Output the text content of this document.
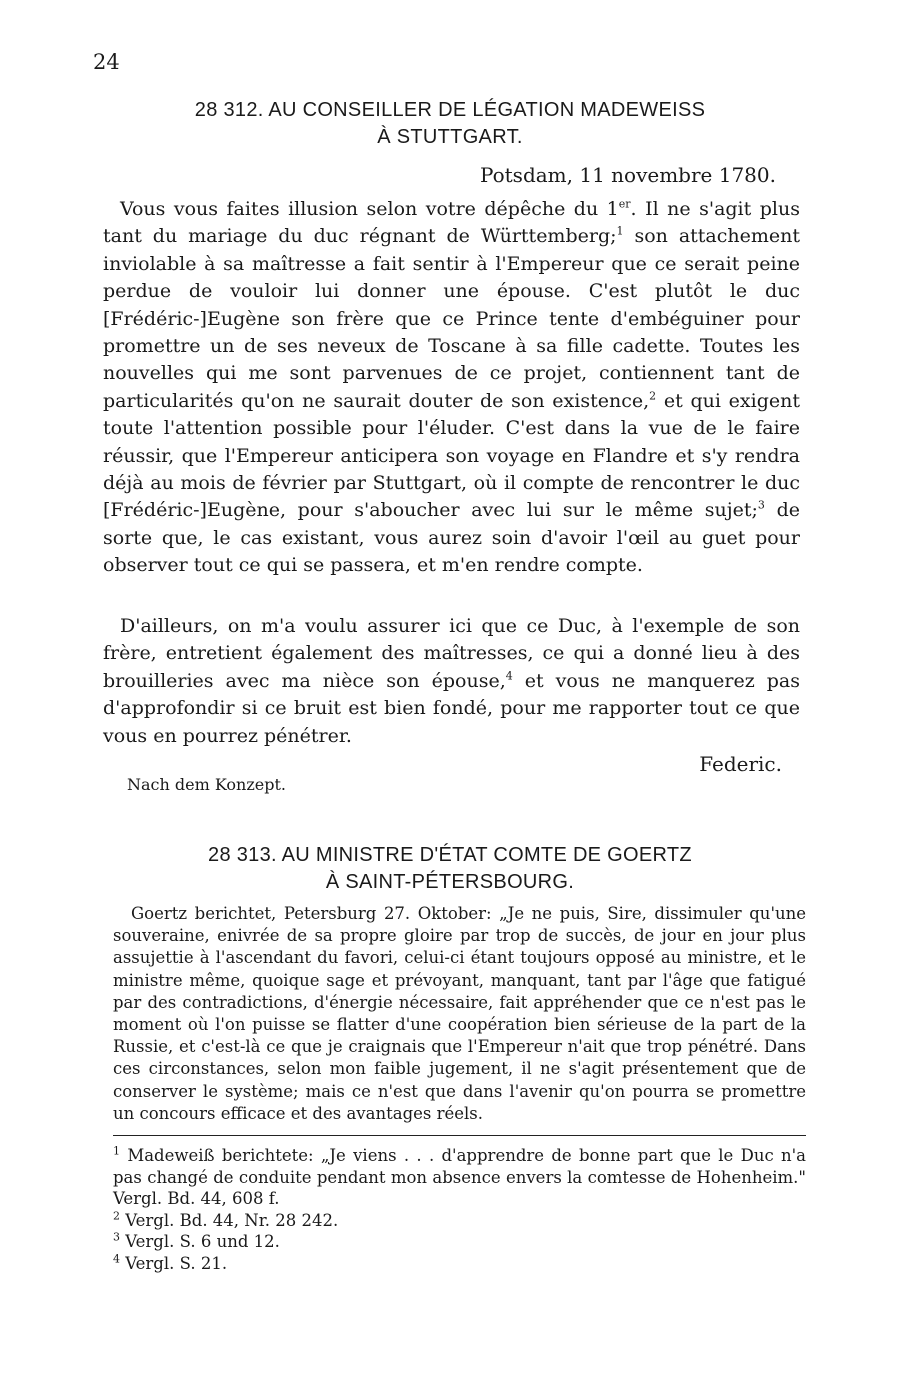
24
28 312. AU CONSEILLER DE LÉGATION MADEWEISS
À STUTTGART.
Potsdam, 11 novembre 1780.

Vous vous faites illusion selon votre dépêche du 1er. Il ne s'agit plus tant du mariage du duc régnant de Württemberg;$^1$ son attachement inviolable à sa maîtresse a fait sentir à l'Empereur que ce serait peine perdue de vouloir lui donner une épouse. C'est plutôt le duc [Frédéric-]Eugène son frère que ce Prince tente d'embéguiner pour promettre un de ses neveux de Toscane à sa fille cadette. Toutes les nouvelles qui me sont parvenues de ce projet, contiennent tant de particularités qu'on ne saurait douter de son existence,$^2$ et qui exigent toute l'attention possible pour l'éluder. C'est dans la vue de le faire réussir, que l'Empereur anticipera son voyage en Flandre et s'y rendra déjà au mois de février par Stuttgart, où il compte de rencontrer le duc [Frédéric-]Eugène, pour s'aboucher avec lui sur le même sujet;$^3$ de sorte que, le cas existant, vous aurez soin d'avoir l'œil au guet pour observer tout ce qui se passera, et m'en rendre compte.

D'ailleurs, on m'a voulu assurer ici que ce Duc, à l'exemple de son frère, entretient également des maîtresses, ce qui a donné lieu à des brouilleries avec ma nièce son épouse,$^4$ et vous ne manquerez pas d'approfondir si ce bruit est bien fondé, pour me rapporter tout ce que vous en pourrez pénétrer.

Federic.
Nach dem Konzept.
28 313. AU MINISTRE D'ÉTAT COMTE DE GOERTZ
À SAINT-PÉTERSBOURG.

Goertz berichtet, Petersburg 27. Oktober: „Je ne puis, Sire, dissimuler qu'une souveraine, enivrée de sa propre gloire par trop de succès, de jour en jour plus assujettie à l'ascendant du favori, celui-ci étant toujours opposé au ministre, et le ministre même, quoique sage et prévoyant, manquant, tant par l'âge que fatigué par des contradictions, d'énergie nécessaire, fait appréhender que ce n'est pas le moment où l'on puisse se flatter d'une coopération bien sérieuse de la part de la Russie, et c'est-là ce que je craignais que l'Empereur n'ait que trop pénétré. Dans ces circonstances, selon mon faible jugement, il ne s'agit présentement que de conserver le système; mais ce n'est que dans l'avenir qu'on pourra se promettre un concours efficace et des avantages réels.

$^1$ Madeweiß berichtete: „Je viens . . . d'apprendre de bonne part que le Duc n'a pas changé de conduite pendant mon absence envers la comtesse de Hohenheim." Vergl. Bd. 44, 608 f.

$^2$ Vergl. Bd. 44, Nr. 28 242.

$^3$ Vergl. S. 6 und 12.

$^4$ Vergl. S. 21.
